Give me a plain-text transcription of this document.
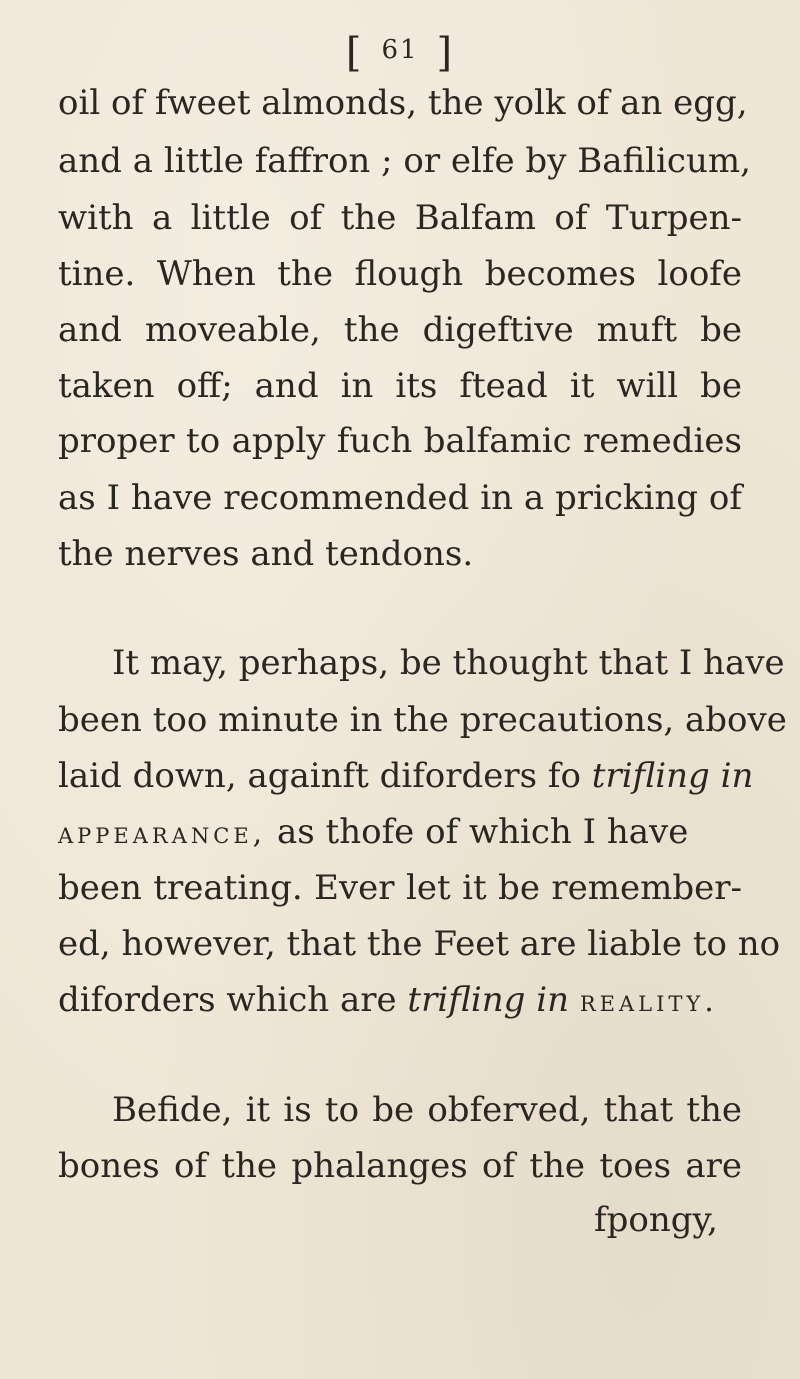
[ $^{61}$ ]
oil of fweet almonds, the yolk of an egg,
and a little faffron ; or elfe by Bafilicum,
with a little of the Balfam of Turpen-
tine. When the flough becomes loofe
and moveable, the digeftive muft be
taken off; and in its ftead it will be
proper to apply fuch balfamic remedies
as I have recommended in a pricking of
the nerves and tendons.
It may, perhaps, be thought that I have
been too minute in the precautions, above
laid down, againft diforders fo trifling in
appearance, as thofe of which I have
been treating. Ever let it be remember-
ed, however, that the Feet are liable to no
diforders which are trifling in reality.
Befide, it is to be obferved, that the
bones of the phalanges of the toes are
fpongy,
